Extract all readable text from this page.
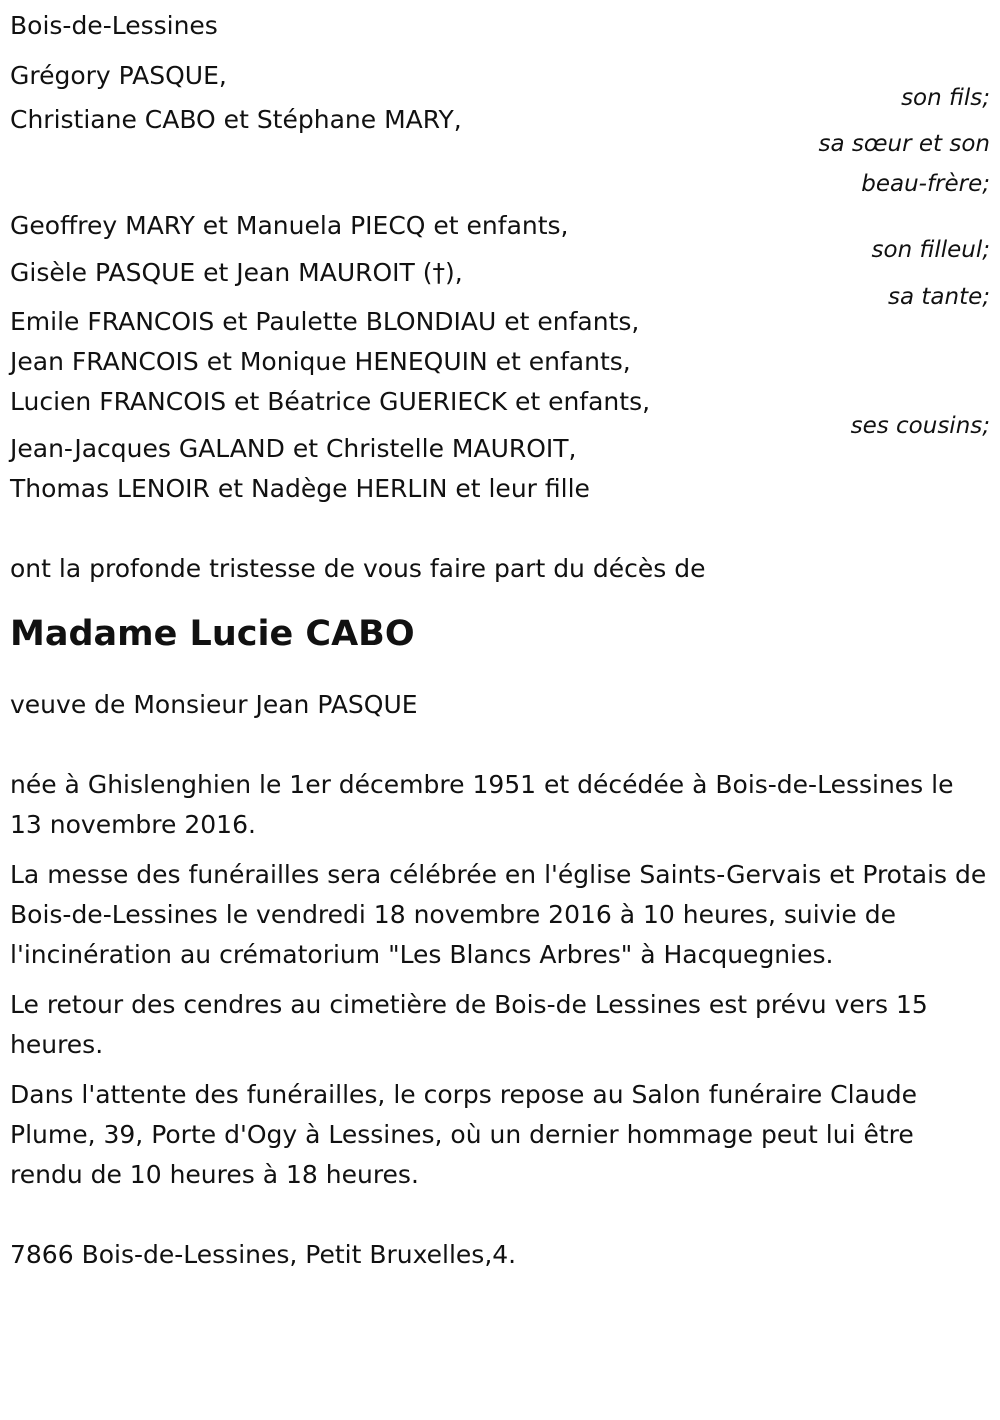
Bois-de-Lessines
Grégory PASQUE,
son fils;
Christiane CABO et Stéphane MARY,
sa sœur et son beau-frère;
Geoffrey MARY et Manuela PIECQ et enfants,
son filleul;
Gisèle PASQUE et Jean MAUROIT (†),
sa tante;
Emile FRANCOIS et Paulette BLONDIAU et enfants,
Jean FRANCOIS et Monique HENEQUIN et enfants,
Lucien FRANCOIS et Béatrice GUERIECK et enfants,
ses cousins;
Jean-Jacques GALAND et Christelle MAUROIT,
Thomas LENOIR et Nadège HERLIN et leur fille
ont la profonde tristesse de vous faire part du décès de
Madame Lucie CABO
veuve de Monsieur Jean PASQUE
née à Ghislenghien le 1er décembre 1951 et décédée à Bois-de-Lessines le 13 novembre 2016.
La messe des funérailles sera célébrée en l'église Saints-Gervais et Protais de Bois-de-Lessines le vendredi 18 novembre 2016 à 10 heures, suivie de l'incinération au crématorium "Les Blancs Arbres" à Hacquegnies.
Le retour des cendres au cimetière de Bois-de Lessines est prévu vers 15 heures.
Dans l'attente des funérailles, le corps repose au Salon funéraire Claude Plume, 39, Porte d'Ogy à Lessines, où un dernier hommage peut lui être rendu de 10 heures à 18 heures.
7866 Bois-de-Lessines, Petit Bruxelles,4.
